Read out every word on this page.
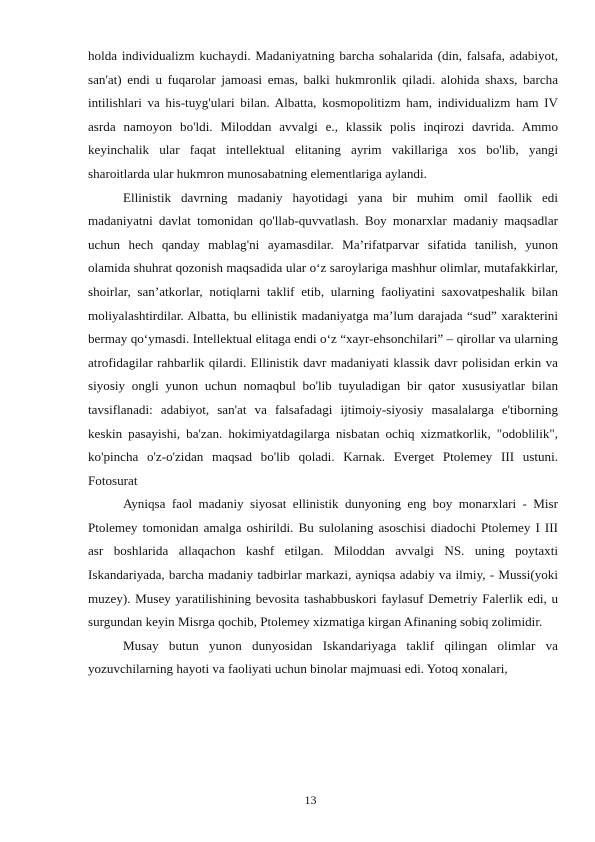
holda individualizm kuchaydi. Madaniyatning barcha sohalarida (din, falsafa, adabiyot, san'at) endi u fuqarolar jamoasi emas, balki hukmronlik qiladi. alohida shaxs, barcha intilishlari va his-tuyg'ulari bilan. Albatta, kosmopolitizm ham, individualizm ham IV asrda namoyon bo'ldi. Miloddan avvalgi e., klassik polis inqirozi davrida. Ammo keyinchalik ular faqat intellektual elitaning ayrim vakillariga xos bo'lib, yangi sharoitlarda ular hukmron munosabatning elementlariga aylandi.

Ellinistik davrning madaniy hayotidagi yana bir muhim omil faollik edi madaniyatni davlat tomonidan qo'llab-quvvatlash. Boy monarxlar madaniy maqsadlar uchun hech qanday mablag'ni ayamasdilar. Ma’rifatparvar sifatida tanilish, yunon olamida shuhrat qozonish maqsadida ular o‘z saroylariga mashhur olimlar, mutafakkirlar, shoirlar, san’atkorlar, notiqlarni taklif etib, ularning faoliyatini saxovatpeshalik bilan moliyalashtirdilar. Albatta, bu ellinistik madaniyatga ma’lum darajada “sud” xarakterini bermay qo‘ymasdi. Intellektual elitaga endi o‘z “xayr-ehsonchilari” – qirollar va ularning atrofidagilar rahbarlik qilardi. Ellinistik davr madaniyati klassik davr polisidan erkin va siyosiy ongli yunon uchun nomaqbul bo'lib tuyuladigan bir qator xususiyatlar bilan tavsiflanadi: adabiyot, san'at va falsafadagi ijtimoiy-siyosiy masalalarga e'tiborning keskin pasayishi, ba'zan. hokimiyatdagilarga nisbatan ochiq xizmatkorlik, "odoblilik", ko'pincha o'z-o'zidan maqsad bo'lib qoladi. Karnak. Everget Ptolemey III ustuni. Fotosurat

Ayniqsa faol madaniy siyosat ellinistik dunyoning eng boy monarxlari - Misr Ptolemey tomonidan amalga oshirildi. Bu sulolaning asoschisi diadochi Ptolemey I III asr boshlarida allaqachon kashf etilgan. Miloddan avvalgi NS. uning poytaxti Iskandariyada, barcha madaniy tadbirlar markazi, ayniqsa adabiy va ilmiy, - Mussi(yoki muzey). Musey yaratilishining bevosita tashabbuskori faylasuf Demetriy Falerlik edi, u surgundan keyin Misrga qochib, Ptolemey xizmatiga kirgan Afinaning sobiq zolimidir.

Musay butun yunon dunyosidan Iskandariyaga taklif qilingan olimlar va yozuvchilarning hayoti va faoliyati uchun binolar majmuasi edi. Yotoq xonalari,

13
